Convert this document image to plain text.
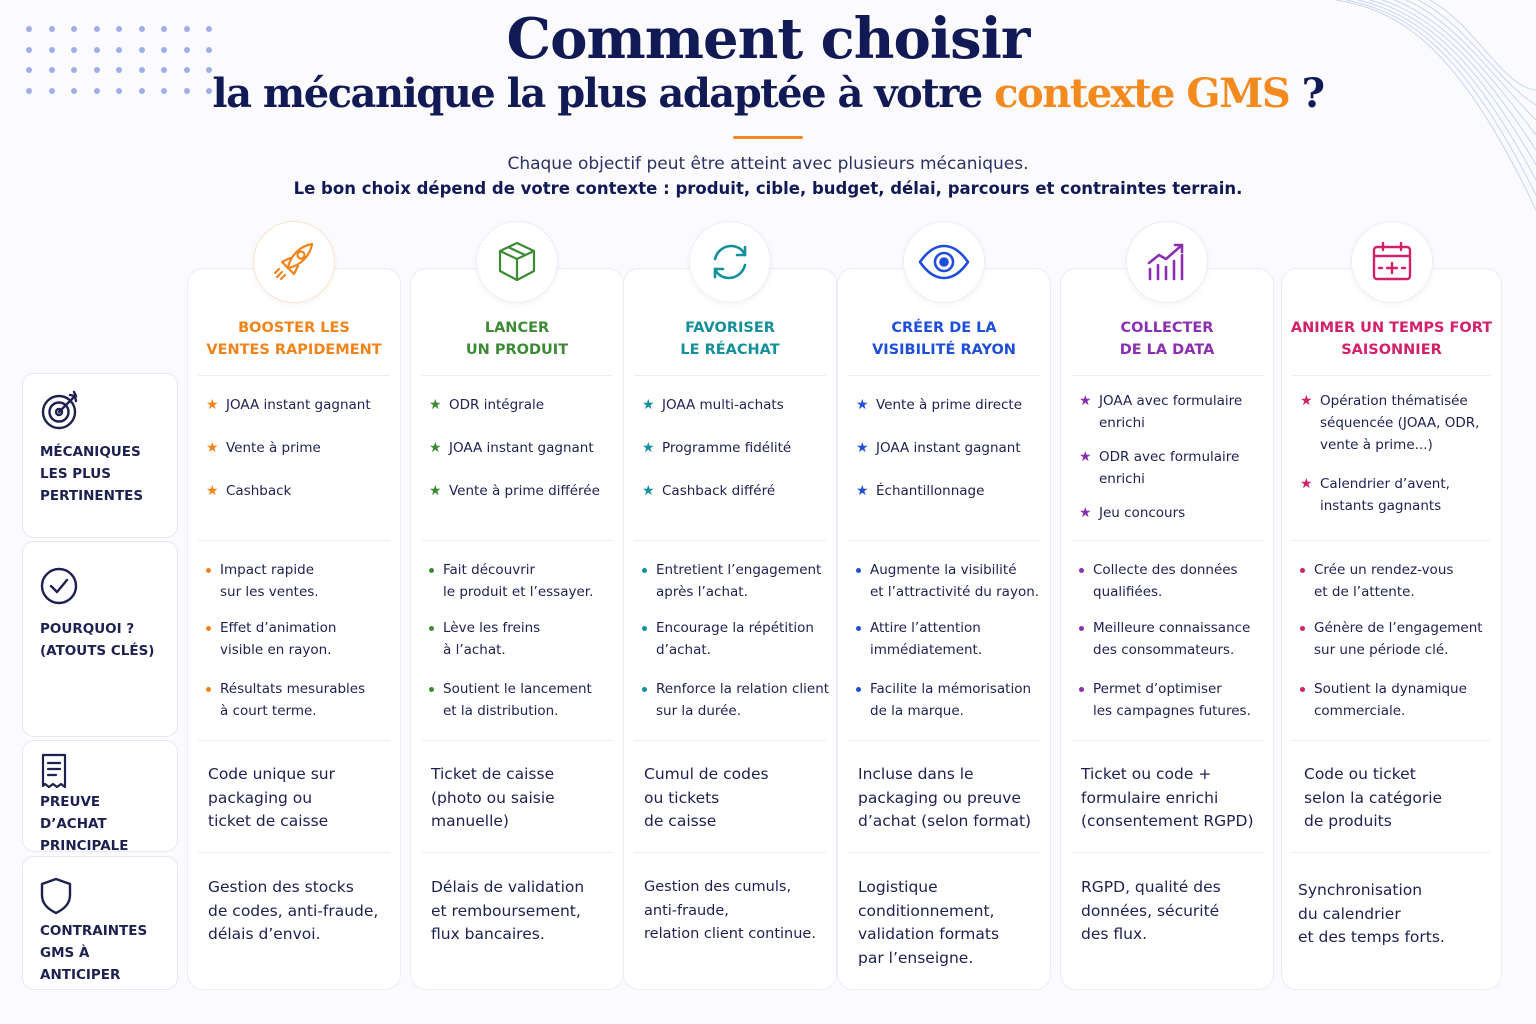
Comment choisir
la mécanique la plus adaptée à votre contexte GMS ?
Chaque objectif peut être atteint avec plusieurs mécaniques.
Le bon choix dépend de votre contexte : produit, cible, budget, délai, parcours et contraintes terrain.
MÉCANIQUES
LES PLUS
PERTINENTES
POURQUOI ?
(ATOUTS CLÉS)
PREUVE D’ACHAT
PRINCIPALE
CONTRAINTES
GMS À ANTICIPER
BOOSTER LES
VENTES RAPIDEMENT
★ JOAA instant gagnant
★ Vente à prime
★ Cashback
Impact rapide
sur les ventes.
Effet d’animation
visible en rayon.
Résultats mesurables
à court terme.
Code unique sur
packaging ou
ticket de caisse
Gestion des stocks
de codes, anti-fraude,
délais d’envoi.
LANCER
UN PRODUIT
★ ODR intégrale
★ JOAA instant gagnant
★ Vente à prime différée
Fait découvrir
le produit et l’essayer.
Lève les freins
à l’achat.
Soutient le lancement
et la distribution.
Ticket de caisse
(photo ou saisie
manuelle)
Délais de validation
et remboursement,
flux bancaires.
FAVORISER
LE RÉACHAT
★ JOAA multi-achats
★ Programme fidélité
★ Cashback différé
Entretient l’engagement
après l’achat.
Encourage la répétition
d’achat.
Renforce la relation client
sur la durée.
Cumul de codes
ou tickets
de caisse
Gestion des cumuls,
anti-fraude,
relation client continue.
CRÉER DE LA
VISIBILITÉ RAYON
★ Vente à prime directe
★ JOAA instant gagnant
★ Échantillonnage
Augmente la visibilité
et l’attractivité du rayon.
Attire l’attention
immédiatement.
Facilite la mémorisation
de la marque.
Incluse dans le
packaging ou preuve
d’achat (selon format)
Logistique
conditionnement,
validation formats
par l’enseigne.
COLLECTER
DE LA DATA
★ JOAA avec formulaire
enrichi
★ ODR avec formulaire
enrichi
★ Jeu concours
Collecte des données
qualifiées.
Meilleure connaissance
des consommateurs.
Permet d’optimiser
les campagnes futures.
Ticket ou code +
formulaire enrichi
(consentement RGPD)
RGPD, qualité des
données, sécurité
des flux.
ANIMER UN TEMPS FORT
SAISONNIER
★ Opération thématisée
séquencée (JOAA, ODR,
vente à prime...)
★ Calendrier d’avent,
instants gagnants
Crée un rendez-vous
et de l’attente.
Génère de l’engagement
sur une période clé.
Soutient la dynamique
commerciale.
Code ou ticket
selon la catégorie
de produits
Synchronisation
du calendrier
et des temps forts.
